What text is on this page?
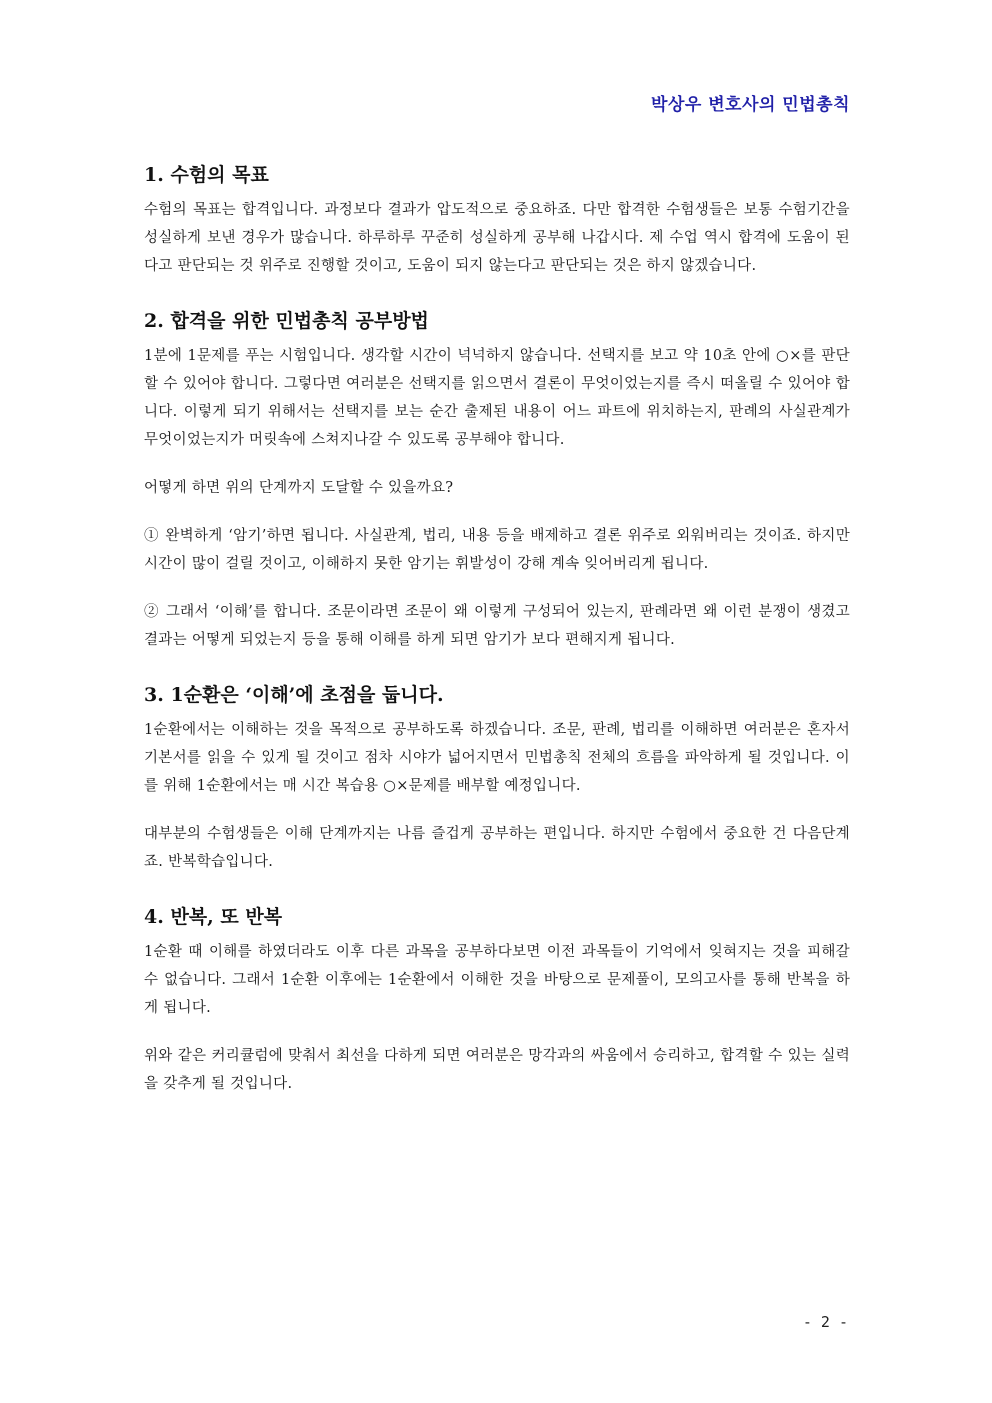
박상우 변호사의 민법총칙
1. 수험의 목표

수험의 목표는 합격입니다. 과정보다 결과가 압도적으로 중요하죠. 다만 합격한 수험생들은 보통 수험기간을 성실하게 보낸 경우가 많습니다. 하루하루 꾸준히 성실하게 공부해 나갑시다. 제 수업 역시 합격에 도움이 된다고 판단되는 것 위주로 진행할 것이고, 도움이 되지 않는다고 판단되는 것은 하지 않겠습니다.

2. 합격을 위한 민법총칙 공부방법

1분에 1문제를 푸는 시험입니다. 생각할 시간이 넉넉하지 않습니다. 선택지를 보고 약 10초 안에 ○×를 판단할 수 있어야 합니다. 그렇다면 여러분은 선택지를 읽으면서 결론이 무엇이었는지를 즉시 떠올릴 수 있어야 합니다. 이렇게 되기 위해서는 선택지를 보는 순간 출제된 내용이 어느 파트에 위치하는지, 판례의 사실관계가 무엇이었는지가 머릿속에 스쳐지나갈 수 있도록 공부해야 합니다.

어떻게 하면 위의 단계까지 도달할 수 있을까요?

① 완벽하게 ‘암기’하면 됩니다. 사실관계, 법리, 내용 등을 배제하고 결론 위주로 외워버리는 것이죠. 하지만 시간이 많이 걸릴 것이고, 이해하지 못한 암기는 휘발성이 강해 계속 잊어버리게 됩니다.

② 그래서 ‘이해’를 합니다. 조문이라면 조문이 왜 이렇게 구성되어 있는지, 판례라면 왜 이런 분쟁이 생겼고 결과는 어떻게 되었는지 등을 통해 이해를 하게 되면 암기가 보다 편해지게 됩니다.

3. 1순환은 ‘이해’에 초점을 둡니다.

1순환에서는 이해하는 것을 목적으로 공부하도록 하겠습니다. 조문, 판례, 법리를 이해하면 여러분은 혼자서 기본서를 읽을 수 있게 될 것이고 점차 시야가 넓어지면서 민법총칙 전체의 흐름을 파악하게 될 것입니다. 이를 위해 1순환에서는 매 시간 복습용 ○×문제를 배부할 예정입니다.

대부분의 수험생들은 이해 단계까지는 나름 즐겁게 공부하는 편입니다. 하지만 수험에서 중요한 건 다음단계죠. 반복학습입니다.

4. 반복, 또 반복

1순환 때 이해를 하였더라도 이후 다른 과목을 공부하다보면 이전 과목들이 기억에서 잊혀지는 것을 피해갈 수 없습니다. 그래서 1순환 이후에는 1순환에서 이해한 것을 바탕으로 문제풀이, 모의고사를 통해 반복을 하게 됩니다.

위와 같은 커리큘럼에 맞춰서 최선을 다하게 되면 여러분은 망각과의 싸움에서 승리하고, 합격할 수 있는 실력을 갖추게 될 것입니다.

- 2 -
